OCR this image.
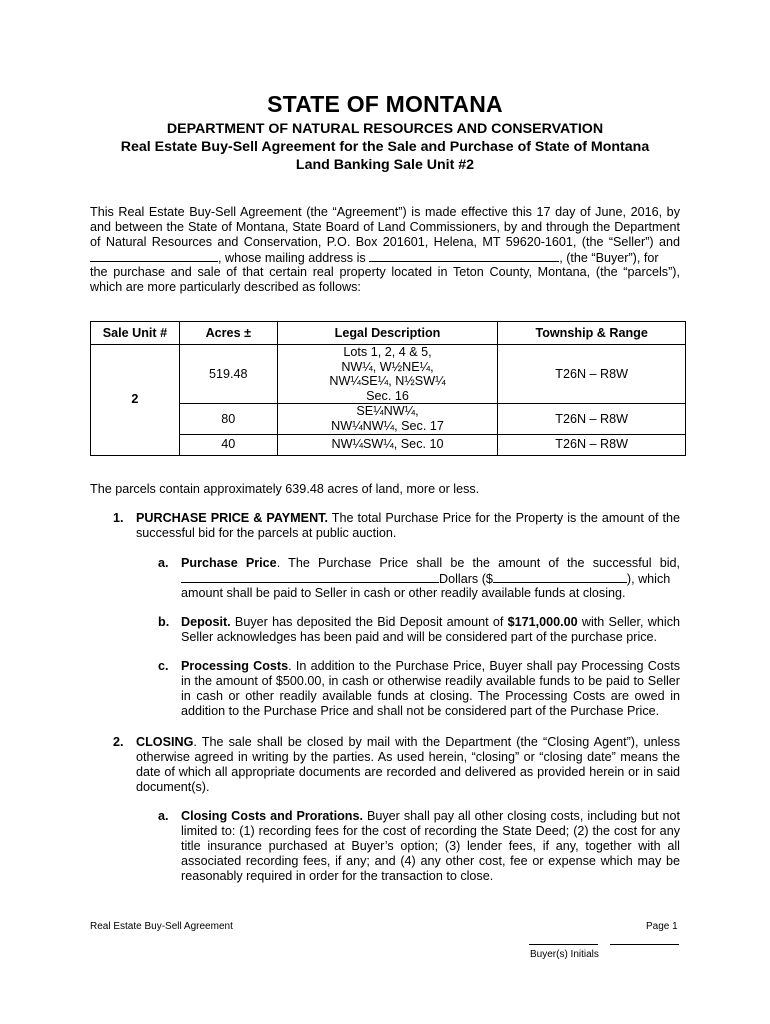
STATE OF MONTANA
DEPARTMENT OF NATURAL RESOURCES AND CONSERVATION
Real Estate Buy-Sell Agreement for the Sale and Purchase of State of Montana
Land Banking Sale Unit #2
This Real Estate Buy-Sell Agreement (the “Agreement”) is made effective this 17 day of June, 2016, by
and between the State of Montana, State Board of Land Commissioners, by and through the Department
of Natural Resources and Conservation, P.O. Box 201601, Helena, MT 59620-1601, (the “Seller”) and
, whose mailing address is	, (the “Buyer”), for
the purchase and sale of that certain real property located in Teton County, Montana, (the “parcels”),
which are more particularly described as follows:
Sale Unit #	Acres ±	Legal Description	Township & Range
2	519.48	Lots 1, 2, 4 & 5,
NW¼, W½NE¼,
NW¼SE¼, N½SW¼
Sec. 16	T26N – R8W
	80	SE¼NW¼,
NW¼NW¼, Sec. 17	T26N – R8W
	40	NW¼SW¼, Sec. 10	T26N – R8W
The parcels contain approximately 639.48 acres of land, more or less.
1. PURCHASE PRICE & PAYMENT. The total Purchase Price for the Property is the amount of the
successful bid for the parcels at public auction.
a. Purchase Price. The Purchase Price shall be the amount of the successful bid,
Dollars ($	), which
amount shall be paid to Seller in cash or other readily available funds at closing.
b. Deposit. Buyer has deposited the Bid Deposit amount of $171,000.00 with Seller, which
Seller acknowledges has been paid and will be considered part of the purchase price.
c. Processing Costs. In addition to the Purchase Price, Buyer shall pay Processing Costs
in the amount of $500.00, in cash or otherwise readily available funds to be paid to Seller
in cash or other readily available funds at closing. The Processing Costs are owed in
addition to the Purchase Price and shall not be considered part of the Purchase Price.
2. CLOSING. The sale shall be closed by mail with the Department (the “Closing Agent”), unless
otherwise agreed in writing by the parties. As used herein, “closing” or “closing date” means the
date of which all appropriate documents are recorded and delivered as provided herein or in said
document(s).
a. Closing Costs and Prorations. Buyer shall pay all other closing costs, including but not
limited to: (1) recording fees for the cost of recording the State Deed; (2) the cost for any
title insurance purchased at Buyer’s option; (3) lender fees, if any, together with all
associated recording fees, if any; and (4) any other cost, fee or expense which may be
reasonably required in order for the transaction to close.
Real Estate Buy-Sell Agreement	Page 1
Buyer(s) Initials
